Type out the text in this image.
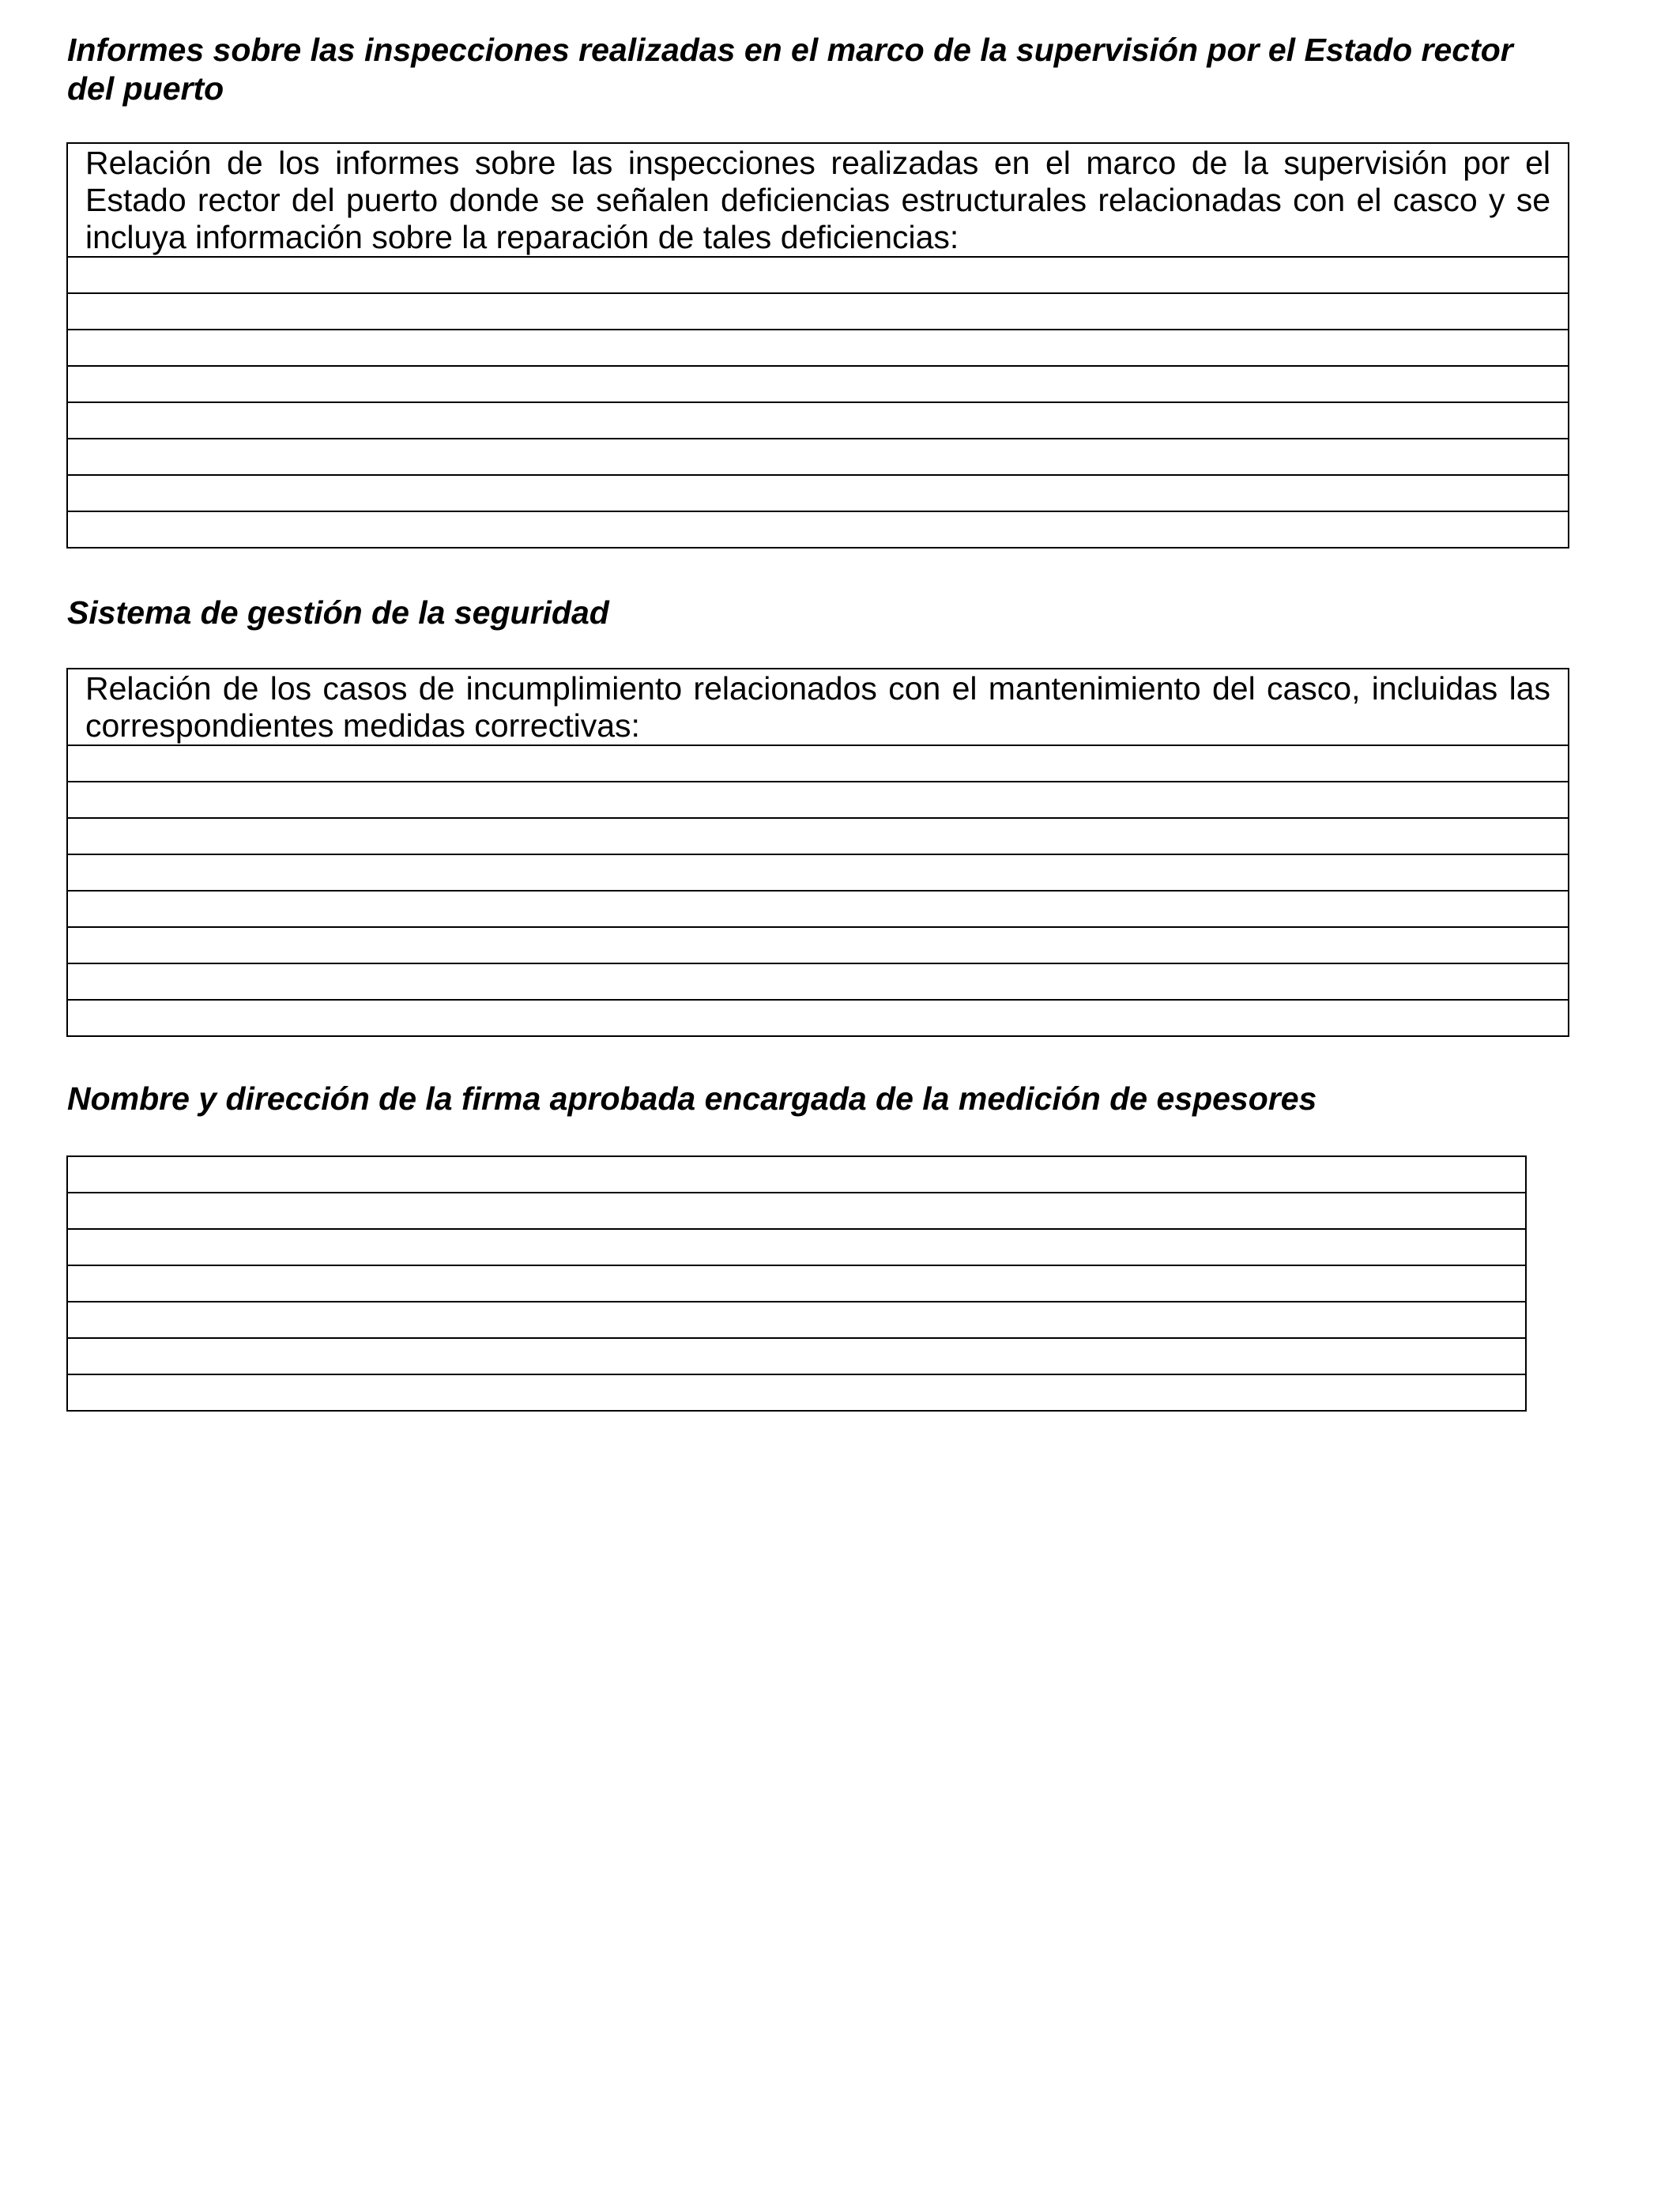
Informes sobre las inspecciones realizadas en el marco de la supervisión por el Estado rector del puerto
Relación de los informes sobre las inspecciones realizadas en el marco de la supervisión por el Estado rector del puerto donde se señalen deficiencias estructurales relacionadas con el casco y se incluya información sobre la reparación de tales deficiencias:

Sistema de gestión de la seguridad
Relación de los casos de incumplimiento relacionados con el mantenimiento del casco, incluidas las correspondientes medidas correctivas:

Nombre y dirección de la firma aprobada encargada de la medición de espesores
